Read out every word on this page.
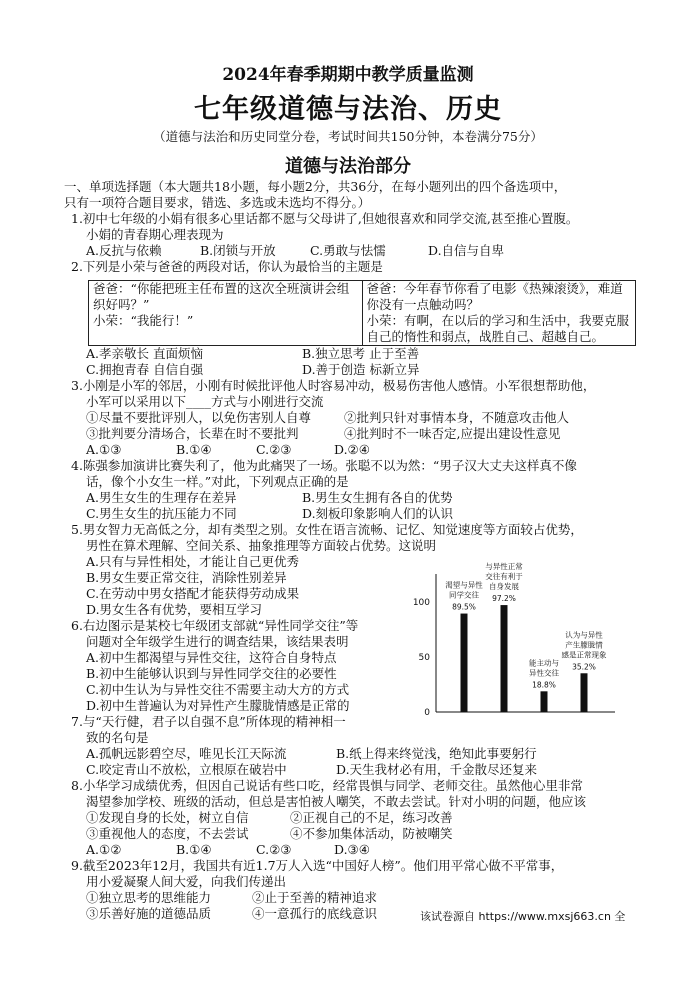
2024年春季期期中教学质量监测
七年级道德与法治、历史
（道德与法治和历史同堂分卷，考试时间共150分钟，本卷满分75分）
道德与法治部分
一、单项选择题（本大题共18小题，每小题2分，共36分，在每小题列出的四个备选项中，
只有一项符合题目要求，错选、多选或未选均不得分。）
1.初中七年级的小娟有很多心里话都不愿与父母讲了,但她很喜欢和同学交流,甚至推心置腹。
小娟的青春期心理表现为
A.反抗与依赖	B.闭锁与开放	C.勇敢与怯懦	D.自信与自卑
2.下列是小荣与爸爸的两段对话，你认为最恰当的主题是
爸爸：“你能把班主任布置的这次全班演讲会组织好吗？”
小荣：“我能行！”	爸爸：今年春节你看了电影《热辣滚烫》，难道你没有一点触动吗？
小荣：有啊，在以后的学习和生活中，我要克服自己的惰性和弱点，战胜自己、超越自己。
A.孝亲敬长 直面烦恼	B.独立思考 止于至善
C.拥抱青春 自信自强	D.善于创造 标新立异
3.小刚是小军的邻居，小刚有时候批评他人时容易冲动，极易伤害他人感情。小军很想帮助他，
小军可以采用以下____方式与小刚进行交流
①尽量不要批评别人，以免伤害别人自尊	②批判只针对事情本身，不随意攻击他人
③批判要分清场合，长辈在时不要批判	④批判时不一味否定,应提出建设性意见
A.①③	B.①④	C.②③	D.②④
4.陈强参加演讲比赛失利了，他为此痛哭了一场。张聪不以为然：“男子汉大丈夫这样真不像
话，像个小女生一样。”对此，下列观点正确的是
A.男生女生的生理存在差异	B.男生女生拥有各自的优势
C.男生女生的抗压能力不同	D.刻板印象影响人们的认识
5.男女智力无高低之分，却有类型之别。女性在语言流畅、记忆、知觉速度等方面较占优势，
男性在算术理解、空间关系、抽象推理等方面较占优势。这说明
A.只有与异性相处，才能让自己更优秀
B.男女生要正常交往，消除性别差异
C.在劳动中男女搭配才能获得劳动成果
D.男女生各有优势，要相互学习
6.右边图示是某校七年级团支部就“异性同学交往”等
问题对全年级学生进行的调查结果，该结果表明
A.初中生都渴望与异性交往，这符合自身特点
B.初中生能够认识到与异性同学交往的必要性
C.初中生认为与异性交往不需要主动大方的方式
D.初中生普遍认为对异性产生朦胧情感是正常的	0
50
100
渴望与异性
同学交往
89.5%
与异性正常
交往有利于
自身发展
97.2%
能主动与
异性交往
18.8%
认为与异性
产生朦胧情
感是正常现象
35.2%
7.与“天行健，君子以自强不息”所体现的精神相一
致的名句是
A.孤帆远影碧空尽，唯见长江天际流	B.纸上得来终觉浅，绝知此事要躬行
C.咬定青山不放松，立根原在破岩中	D.天生我材必有用，千金散尽还复来
8.小华学习成绩优秀，但因自己说话有些口吃，经常畏惧与同学、老师交往。虽然他心里非常
渴望参加学校、班级的活动，但总是害怕被人嘲笑，不敢去尝试。针对小明的问题，他应该
①发现自身的长处，树立自信	②正视自己的不足，练习改善
③重视他人的态度，不去尝试	④不参加集体活动，防被嘲笑
A.①②	B.①④	C.②③	D.③④
9.截至2023年12月，我国共有近1.7万人入选“中国好人榜”。他们用平常心做不平常事，
用小爱凝聚人间大爱，向我们传递出
①独立思考的思维能力	②止于至善的精神追求
③乐善好施的道德品质	④一意孤行的底线意识	该试卷源自 https://www.mxsj663.cn 全
